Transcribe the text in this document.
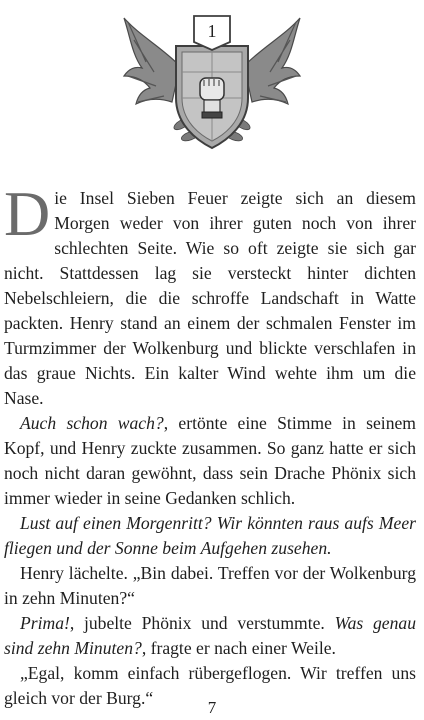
1

Die Insel Sieben Feuer zeigte sich an diesem Morgen weder von ihrer guten noch von ihrer schlechten Seite. Wie so oft zeigte sie sich gar nicht. Stattdessen lag sie versteckt hinter dichten Nebelschleiern, die die schroffe Landschaft in Watte packten. Henry stand an einem der schmalen Fenster im Turmzimmer der Wolkenburg und blickte verschlafen in das graue Nichts. Ein kalter Wind wehte ihm um die Nase.

Auch schon wach?, ertönte eine Stimme in seinem Kopf, und Henry zuckte zusammen. So ganz hatte er sich noch nicht daran gewöhnt, dass sein Drache Phönix sich immer wieder in seine Gedanken schlich.

Lust auf einen Morgenritt? Wir könnten raus aufs Meer fliegen und der Sonne beim Aufgehen zusehen.

Henry lächelte. „Bin dabei. Treffen vor der Wolkenburg in zehn Minuten?“

Prima!, jubelte Phönix und verstummte. Was genau sind zehn Minuten?, fragte er nach einer Weile.

„Egal, komm einfach rübergeflogen. Wir treffen uns gleich vor der Burg.“	7
